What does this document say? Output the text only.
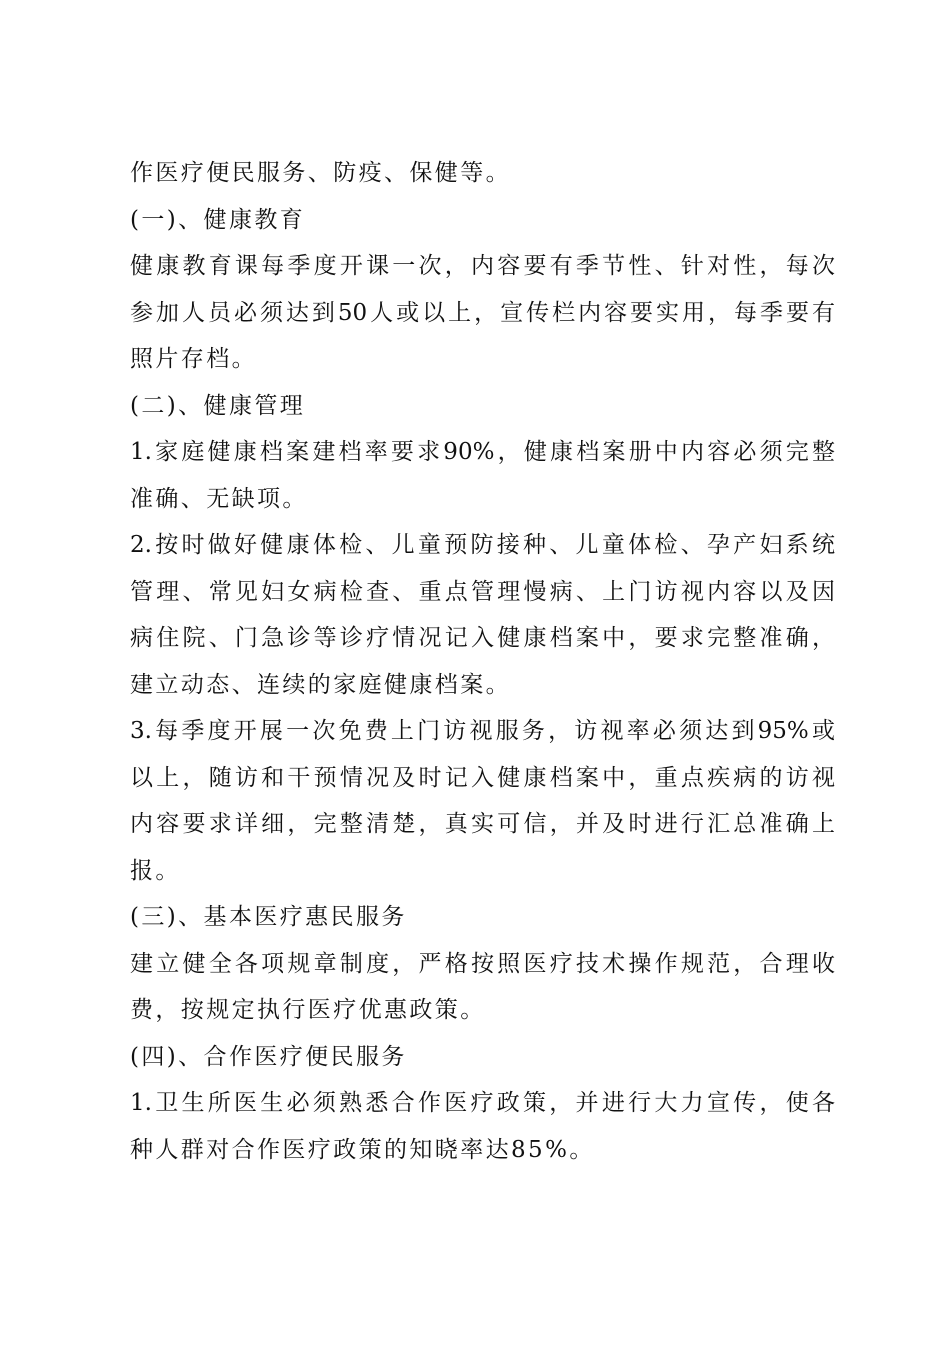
作医疗便民服务、防疫、保健等。
(一)、健康教育
健康教育课每季度开课一次，内容要有季节性、针对性，每次
参加人员必须达到50人或以上，宣传栏内容要实用，每季要有
照片存档。
(二)、健康管理
1.家庭健康档案建档率要求90%，健康档案册中内容必须完整
准确、无缺项。
2.按时做好健康体检、儿童预防接种、儿童体检、孕产妇系统
管理、常见妇女病检查、重点管理慢病、上门访视内容以及因
病住院、门急诊等诊疗情况记入健康档案中，要求完整准确，
建立动态、连续的家庭健康档案。
3.每季度开展一次免费上门访视服务，访视率必须达到95%或
以上，随访和干预情况及时记入健康档案中，重点疾病的访视
内容要求详细，完整清楚，真实可信，并及时进行汇总准确上
报。
(三)、基本医疗惠民服务
建立健全各项规章制度，严格按照医疗技术操作规范，合理收
费，按规定执行医疗优惠政策。
(四)、合作医疗便民服务
1.卫生所医生必须熟悉合作医疗政策，并进行大力宣传，使各
种人群对合作医疗政策的知晓率达85%。
